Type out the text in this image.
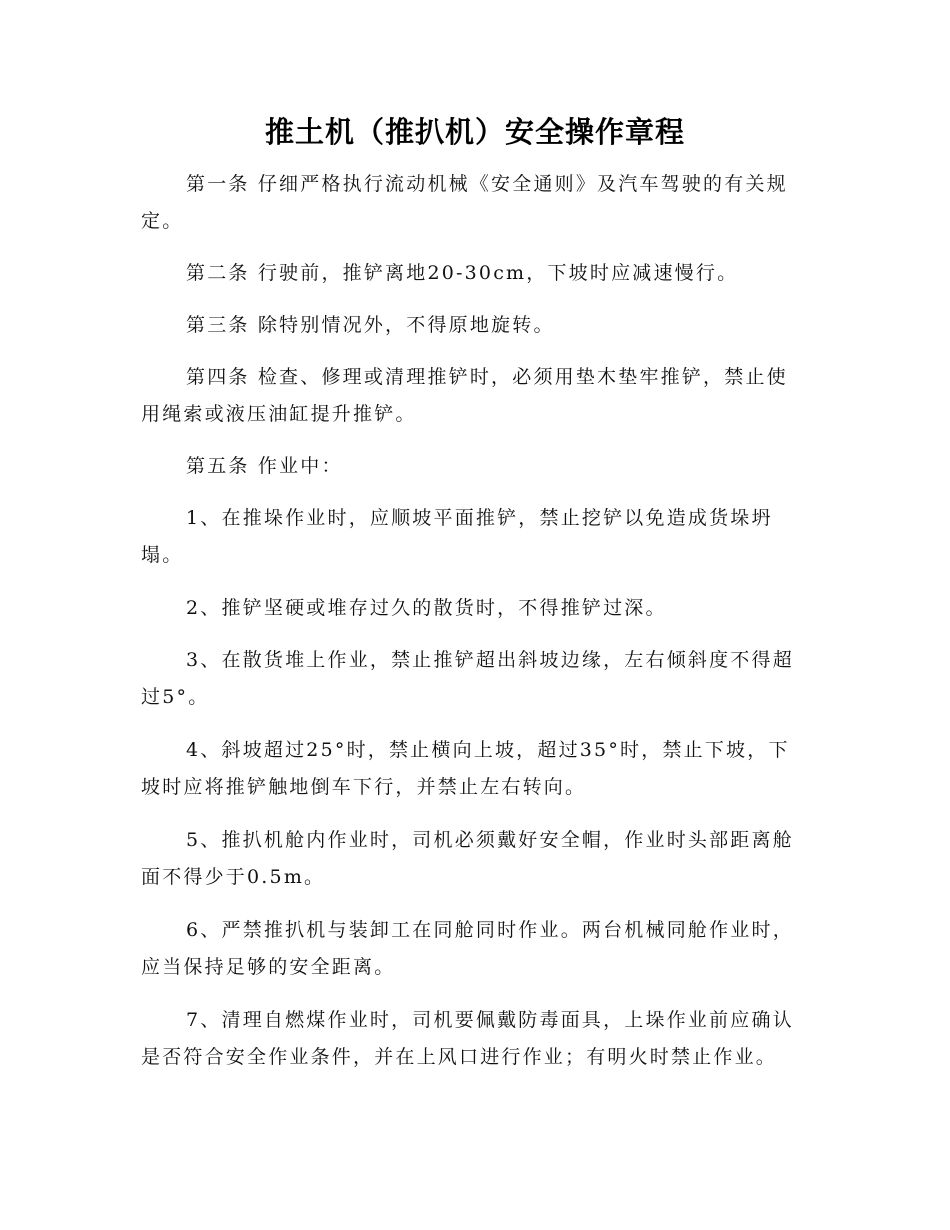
推土机（推扒机）安全操作章程

第一条 仔细严格执行流动机械《安全通则》及汽车驾驶的有关规定。

第二条 行驶前，推铲离地20-30cm，下坡时应减速慢行。

第三条 除特别情况外，不得原地旋转。

第四条 检查、修理或清理推铲时，必须用垫木垫牢推铲，禁止使用绳索或液压油缸提升推铲。

第五条 作业中：

1、在推垛作业时，应顺坡平面推铲，禁止挖铲以免造成货垛坍塌。

2、推铲坚硬或堆存过久的散货时，不得推铲过深。

3、在散货堆上作业，禁止推铲超出斜坡边缘，左右倾斜度不得超过5°。

4、斜坡超过25°时，禁止横向上坡，超过35°时，禁止下坡，下坡时应将推铲触地倒车下行，并禁止左右转向。

5、推扒机舱内作业时，司机必须戴好安全帽，作业时头部距离舱面不得少于0.5m。

6、严禁推扒机与装卸工在同舱同时作业。两台机械同舱作业时，应当保持足够的安全距离。

7、清理自燃煤作业时，司机要佩戴防毒面具，上垛作业前应确认是否符合安全作业条件，并在上风口进行作业；有明火时禁止作业。
